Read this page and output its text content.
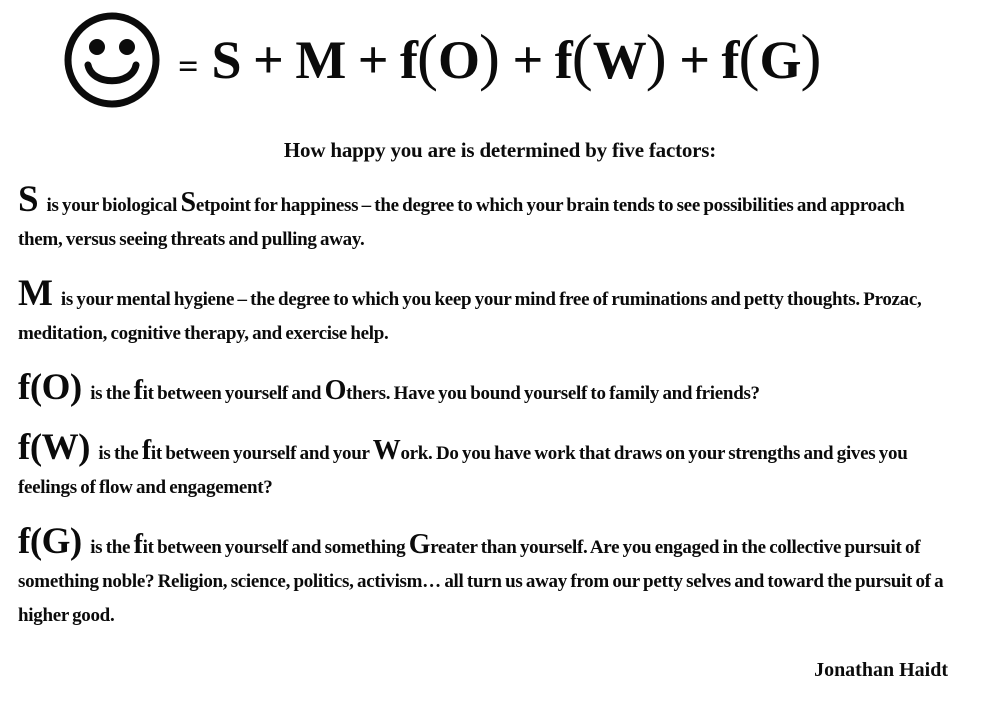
= S + M + f(O) + f(W) + f(G)
How happy you are is determined by five factors:

S is your biological Setpoint for happiness – the degree to which your brain tends to see possibilities and approach them, versus seeing threats and pulling away.

M is your mental hygiene – the degree to which you keep your mind free of ruminations and petty thoughts. Prozac, meditation, cognitive therapy, and exercise help.

f(O) is the fit between yourself and Others. Have you bound yourself to family and friends?

f(W) is the fit between yourself and your Work. Do you have work that draws on your strengths and gives you feelings of flow and engagement?

f(G) is the fit between yourself and something Greater than yourself. Are you engaged in the collective pursuit of something noble? Religion, science, politics, activism… all turn us away from our petty selves and toward the pursuit of a higher good.

Jonathan Haidt
